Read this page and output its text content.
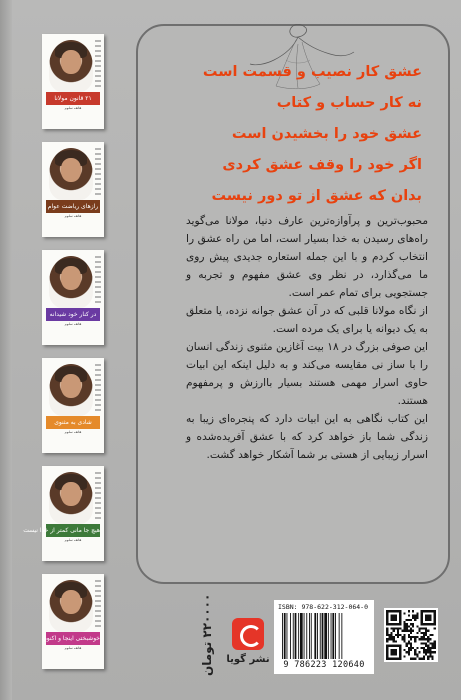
۲۱ قانون مولانا
هاتف سلوم
رازهای ریاضت عوام
هاتف سلوم
در کنار خود شیدانه
هاتف سلوم
شادی به مثنوی
هاتف سلوم
هیچ جا مانی کمتر از خدا نیست
هاتف سلوم
خوشبختی اینجا و اکنون
هاتف سلوم
عشق کار نصیب و قسمت است
نه کار حساب و کتاب
عشق خود را بخشیدن است
اگر خود را وقف عشق کردی
بدان که عشق از تو دور نیست

محبوب‌ترین و پرآوازه‌ترین عارف دنیا، مولانا می‌گوید راه‌های رسیدن به خدا بسیار است، اما من راه عشق را انتخاب کردم و با این جمله استعاره جدیدی پیش روی ما می‌گذارد، در نظر وی عشق مفهوم و تجربه و جستجویی برای تمام عمر است.

از نگاه مولانا قلبی که در آن عشق جوانه نزده، یا متعلق به یک دیوانه یا برای یک مرده است.

این صوفی بزرگ در ۱۸ بیت آغازین مثنوی زندگی انسان را با ساز نی مقایسه می‌کند و به دلیل اینکه این ابیات حاوی اسرار مهمی هستند بسیار باارزش و پرمفهوم هستند.

این کتاب نگاهی به این ابیات دارد که پنجره‌ای زیبا به زندگی شما باز خواهد کرد که با عشق آفریده‌شده و اسرار زیبایی از هستی بر شما آشکار خواهد گشت.

۲۲۰۰۰۰ تومان
نشر گویا
ISBN: 978-622-312-064-0
9 786223 120640
